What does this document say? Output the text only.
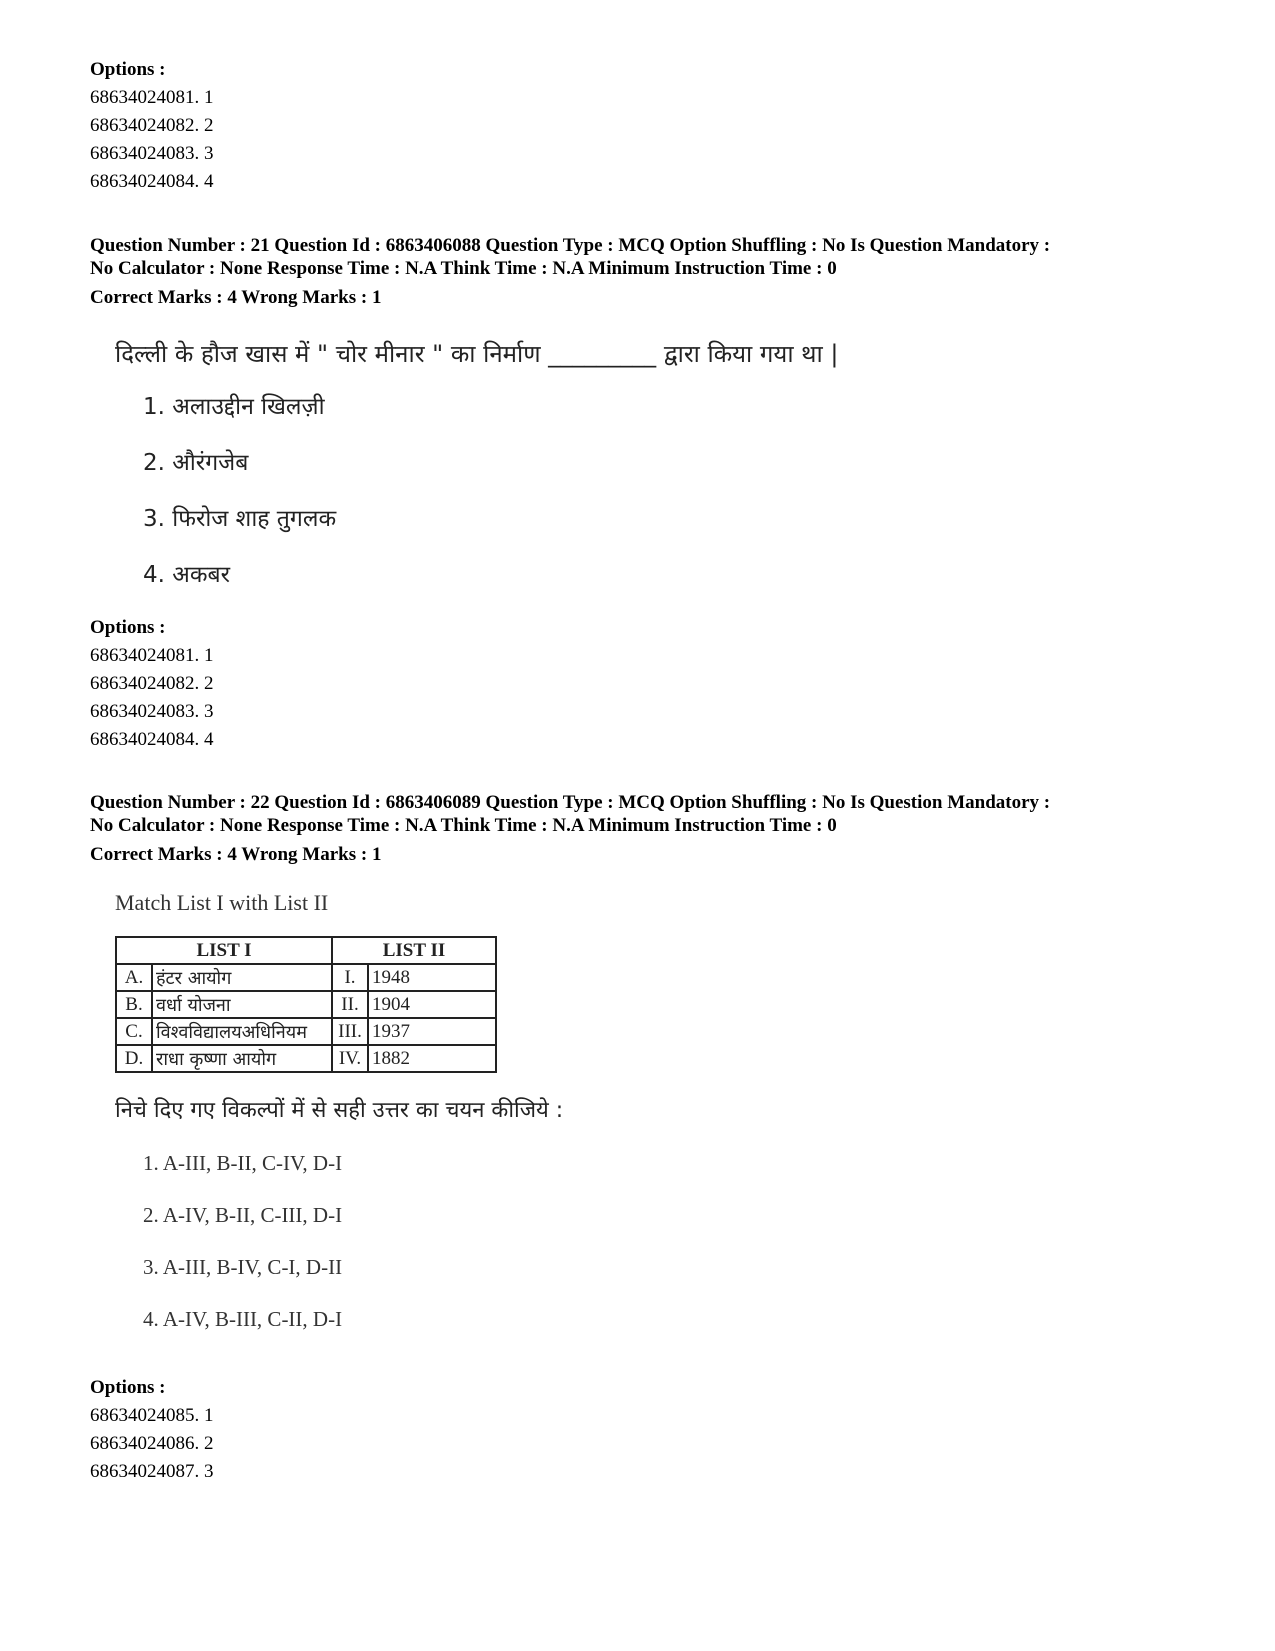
Options :
68634024081. 1
68634024082. 2
68634024083. 3
68634024084. 4
Question Number : 21 Question Id : 6863406088 Question Type : MCQ Option Shuffling : No Is Question Mandatory :
No Calculator : None Response Time : N.A Think Time : N.A Minimum Instruction Time : 0
Correct Marks : 4 Wrong Marks : 1
दिल्ली के हौज खास में " चोर मीनार " का निर्माण _________ द्वारा किया गया था |
1. अलाउद्दीन खिलज़ी
2. औरंगजेब
3. फिरोज शाह तुगलक
4. अकबर
Options :
68634024081. 1
68634024082. 2
68634024083. 3
68634024084. 4
Question Number : 22 Question Id : 6863406089 Question Type : MCQ Option Shuffling : No Is Question Mandatory :
No Calculator : None Response Time : N.A Think Time : N.A Minimum Instruction Time : 0
Correct Marks : 4 Wrong Marks : 1
Match List I with List II
LIST I		LIST II	
A.	हंटर आयोग	I.	1948
B.	वर्धा योजना	II.	1904
C.	विश्वविद्यालयअधिनियम	III.	1937
D.	राधा कृष्णा आयोग	IV.	1882
निचे दिए गए विकल्पों में से सही उत्तर का चयन कीजिये :
1. A-III, B-II, C-IV, D-I
2. A-IV, B-II, C-III, D-I
3. A-III, B-IV, C-I, D-II
4. A-IV, B-III, C-II, D-I
Options :
68634024085. 1
68634024086. 2
68634024087. 3
